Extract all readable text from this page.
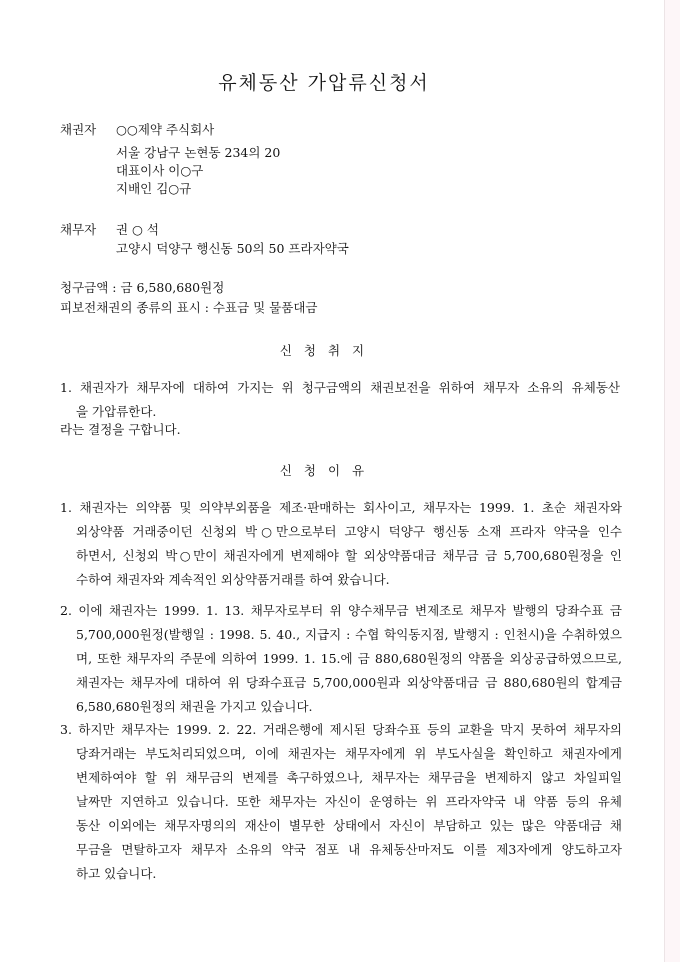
유체동산 가압류신청서
채권자 ○○제약 주식회사
서울 강남구 논현동 234의 20
대표이사 이○구
지배인 김○규
채무자 권 ○ 석
고양시 덕양구 행신동 50의 50 프라자약국
청구금액 : 금 6,580,680원정
피보전채권의 종류의 표시 : 수표금 및 물품대금
신 청 취 지
1. 채권자가 채무자에 대하여 가지는 위 청구금액의 채권보전을 위하여 채무자 소유의 유체동산
을 가압류한다.
라는 결정을 구합니다.
신 청 이 유
1. 채권자는 의약품 및 의약부외품을 제조·판매하는 회사이고, 채무자는 1999. 1. 초순 채권자와
외상약품 거래중이던 신청외 박○만으로부터 고양시 덕양구 행신동 소재 프라자 약국을 인수
하면서, 신청외 박○만이 채권자에게 변제해야 할 외상약품대금 채무금 금 5,700,680원정을 인
수하여 채권자와 계속적인 외상약품거래를 하여 왔습니다.
2. 이에 채권자는 1999. 1. 13. 채무자로부터 위 양수채무금 변제조로 채무자 발행의 당좌수표 금
5,700,000원정(발행일 : 1998. 5. 40., 지급지 : 수협 학익동지점, 발행지 : 인천시)을 수취하였으
며, 또한 채무자의 주문에 의하여 1999. 1. 15.에 금 880,680원정의 약품을 외상공급하였으므로,
채권자는 채무자에 대하여 위 당좌수표금 5,700,000원과 외상약품대금 금 880,680원의 합계금
6,580,680원정의 채권을 가지고 있습니다.
3. 하지만 채무자는 1999. 2. 22. 거래은행에 제시된 당좌수표 등의 교환을 막지 못하여 채무자의
당좌거래는 부도처리되었으며, 이에 채권자는 채무자에게 위 부도사실을 확인하고 채권자에게
변제하여야 할 위 채무금의 변제를 촉구하였으나, 채무자는 채무금을 변제하지 않고 차일피일
날짜만 지연하고 있습니다. 또한 채무자는 자신이 운영하는 위 프라자약국 내 약품 등의 유체
동산 이외에는 채무자명의의 재산이 별무한 상태에서 자신이 부담하고 있는 많은 약품대금 채
무금을 면탈하고자 채무자 소유의 약국 점포 내 유체동산마저도 이를 제3자에게 양도하고자
하고 있습니다.
